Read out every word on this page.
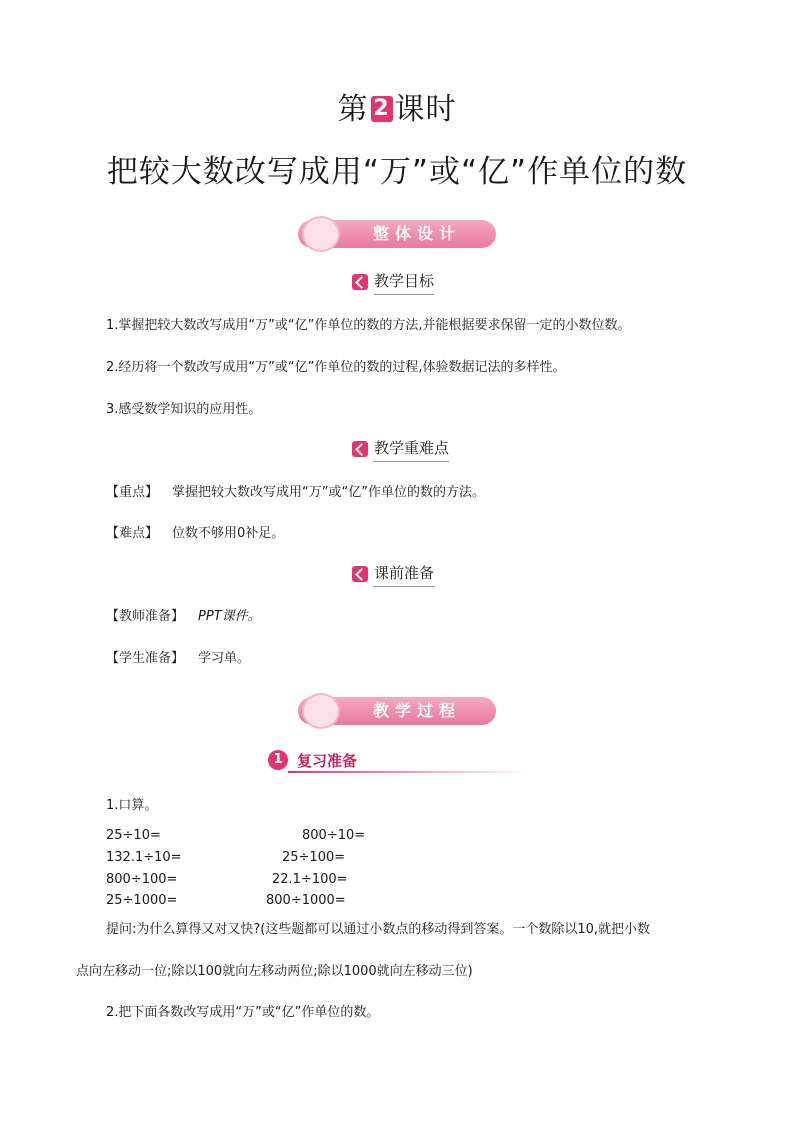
第 2 课时
把较大数改写成用“万”或“亿”作单位的数
整体设计
教学目标
1.掌握把较大数改写成用“万”或“亿”作单位的数的方法,并能根据要求保留一定的小数位数。
2.经历将一个数改写成用“万”或“亿”作单位的数的过程,体验数据记法的多样性。
3.感受数学知识的应用性。
教学重难点
【重点】 掌握把较大数改写成用“万”或“亿”作单位的数的方法。
【难点】 位数不够用0补足。
课前准备
【教师准备】 PPT课件。
【学生准备】 学习单。
教学过程
1 复习准备
1.口算。
25÷10=	800÷10=
132.1÷10=	25÷100=
800÷100=	22.1÷100=
25÷1000=	800÷1000=
提问:为什么算得又对又快?(这些题都可以通过小数点的移动得到答案。一个数除以10,就把小数
点向左移动一位;除以100就向左移动两位;除以1000就向左移动三位)
2.把下面各数改写成用“万”或“亿”作单位的数。
